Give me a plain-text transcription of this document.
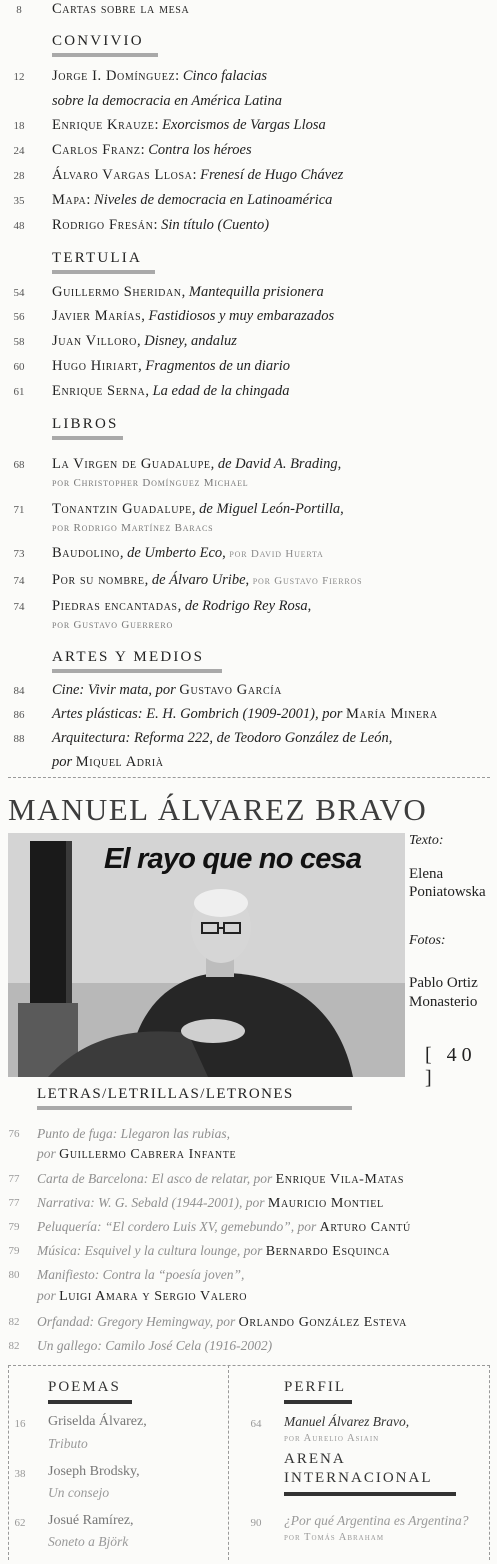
8	Cartas sobre la mesa
CONVIVIO
12	Jorge I. Domínguez: Cinco falacias
sobre la democracia en América Latina
18	Enrique Krauze: Exorcismos de Vargas Llosa
24	Carlos Franz: Contra los héroes
28	Álvaro Vargas Llosa: Frenesí de Hugo Chávez
35	Mapa: Niveles de democracia en Latinoamérica
48	Rodrigo Fresán: Sin título (Cuento)
TERTULIA
54	Guillermo Sheridan, Mantequilla prisionera
56	Javier Marías, Fastidiosos y muy embarazados
58	Juan Villoro, Disney, andaluz
60	Hugo Hiriart, Fragmentos de un diario
61	Enrique Serna, La edad de la chingada
LIBROS
68	La Virgen de Guadalupe, de David A. Brading,
por Christopher Domínguez Michael
71	Tonantzin Guadalupe, de Miguel León-Portilla,
por Rodrigo Martínez Baracs
73	Baudolino, de Umberto Eco, por David Huerta
74	Por su nombre, de Álvaro Uribe, por Gustavo Fierros
74	Piedras encantadas, de Rodrigo Rey Rosa,
por Gustavo Guerrero
ARTES Y MEDIOS
84	Cine: Vivir mata, por Gustavo García
86	Artes plásticas: E. H. Gombrich (1909-2001), por María Minera
88	Arquitectura: Reforma 222, de Teodoro González de León,
por Miquel Adrià
MANUEL ÁLVAREZ BRAVO
El rayo que no cesa
Texto:
Elena
Poniatowska
Fotos:
Pablo Ortiz
Monasterio
[ 40 ]
LETRAS/LETRILLAS/LETRONES
76	Punto de fuga: Llegaron las rubias,
por Guillermo Cabrera Infante
77	Carta de Barcelona: El asco de relatar, por Enrique Vila-Matas
77	Narrativa: W. G. Sebald (1944-2001), por Mauricio Montiel
79	Peluquería: “El cordero Luis XV, gemebundo”, por Arturo Cantú
79	Música: Esquivel y la cultura lounge, por Bernardo Esquinca
80	Manifiesto: Contra la “poesía joven”,
por Luigi Amara y Sergio Valero
82	Orfandad: Gregory Hemingway, por Orlando González Esteva
82	Un gallego: Camilo José Cela (1916-2002)
POEMAS
16	Griselda Álvarez,
Tributo
38	Joseph Brodsky,
Un consejo
62	Josué Ramírez,
Soneto a Björk
PERFIL
64	Manuel Álvarez Bravo,
por Aurelio Asiain
ARENA
INTERNACIONAL
90	¿Por qué Argentina es Argentina?
por Tomás Abraham
